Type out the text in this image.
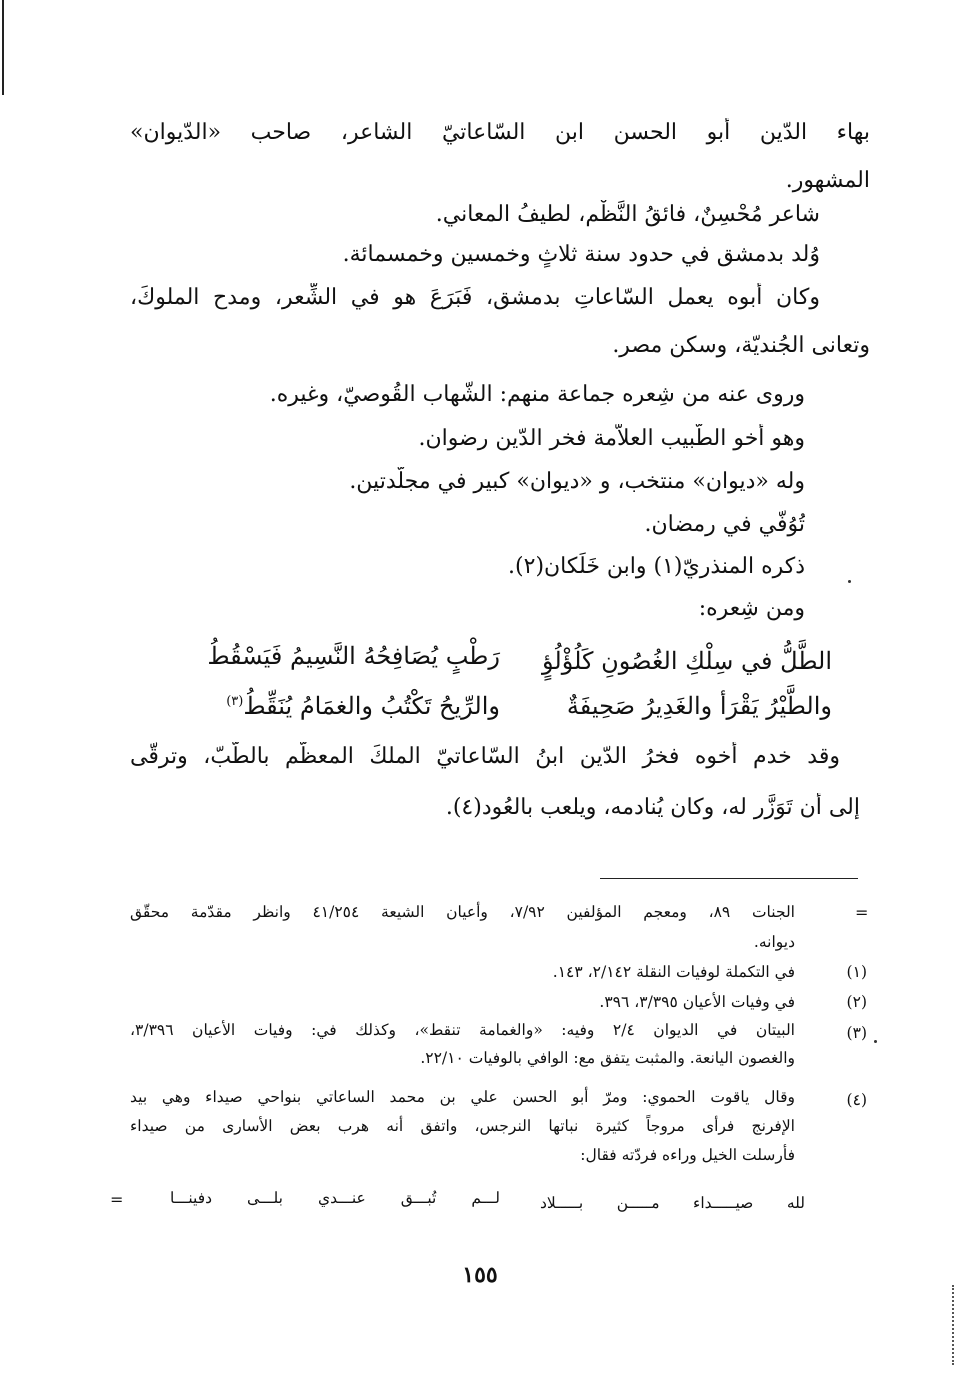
بهاء الدّين أبو الحسن ابن السّاعاتيّ الشاعر، صاحب «الدّيوان»
المشهور.
شاعر مُحْسِنٌ، فائقُ النَّظْم، لطيفُ المعاني.
وُلد بدمشق في حدود سنة ثلاثٍ وخمسين وخمسمائة.
وكان أبوه يعمل السّاعاتِ بدمشق، فَبَرَعَ هو في الشِّعر، ومدح الملوكَ،
وتعانى الجُنديّة، وسكن مصر.
وروى عنه من شِعره جماعة منهم: الشّهاب القُوصيّ، وغيره.
وهو أخو الطّبيب العلاّمة فخر الدّين رضوان.
وله «ديوان» منتخب، و «ديوان» كبير في مجلَّدتين.
تُوُفّي في رمضان.
ذكره المنذريّ(١) وابن خَلِّكان(٢).
ومن شِعره:
الطَّلُّ في سِلْكِ الغُصُونِ كَلُؤْلُؤٍ
رَطْبٍ يُصَافِحُهُ النَّسِيمُ فَيَسْقُطُ
والطَّيْرُ يَقْرَأ والغَدِيرُ صَحِيفَةٌ
والرِّيحُ تَكْتُبُ والغمَامُ يُنَقِّطُ$^{(٣)}$
وقد خدم أخوه فخرُ الدّين ابنُ السّاعاتيّ الملكَ المعظّم بالطّبّ، وترقّى
إلى أن تَوَزَّر له، وكان يُنادمه، ويلعب بالعُود(٤).
=
الجنات ٨٩، ومعجم المؤلفين ٧/٩٢، وأعيان الشيعة ٤١/٢٥٤ وانظر مقدّمة محقّق
ديوانه.
(١)
في التكملة لوفيات النقلة ٢/١٤٢، ١٤٣.
(٢)
في وفيات الأعيان ٣/٣٩٥، ٣٩٦.
(٣)
البيتان في الديوان ٢/٤ وفيه: «والغمامة تنقط»، وكذلك في: وفيات الأعيان ٣/٣٩٦،
والغصون اليانعة. والمثبت يتفق مع: الوافي بالوفيات ٢٢/١٠.
(٤)
وقال ياقوت الحموي: ومرّ أبو الحسن علي بن محمد الساعاتي بنواحي صيداء وهي بيد
الإفرنج فرأى مروجاً كثيرة نباتها النرجس، واتفق أنه هرب بعض الأسارى من صيداء
فأرسلت الخيل وراءه فردّته فقال:
لله صيـــــداء مـــــن بـــــلاد
لـــم تُبـــق عنـــدي بلـــى دفينـــا
=
١٥٥
